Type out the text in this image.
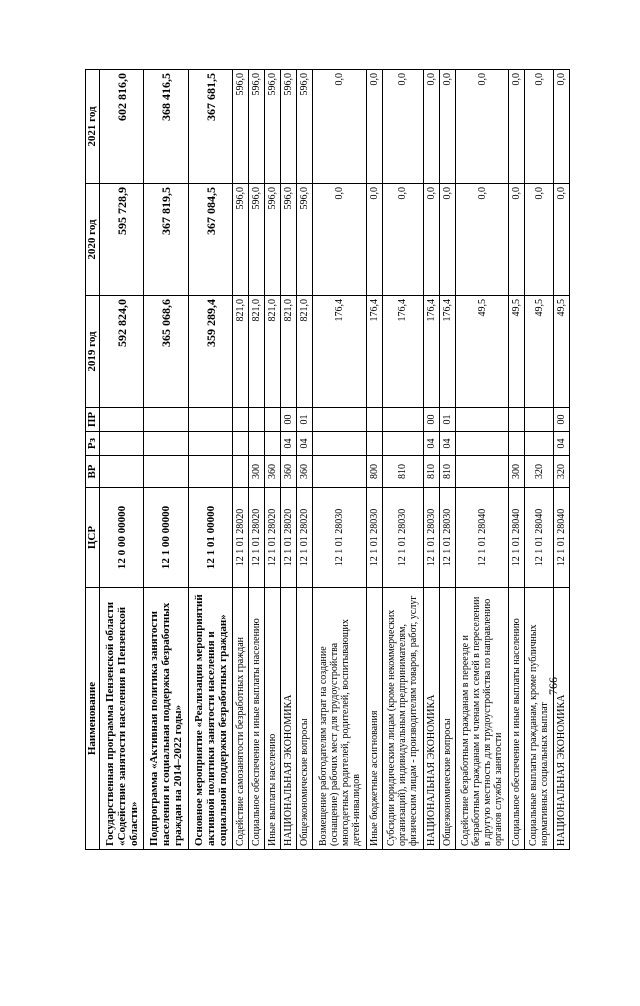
766
Наименование	ЦСР	ВР	Рз	ПР	2019 год	2020 год	2021 год
Государственная программа Пензенской области «Содействие занятости населения в Пензенской области»	12 0 00 00000				592 824,0	595 728,9	602 816,0
Подпрограмма «Активная политика занятости населения и социальная поддержка безработных граждан на 2014–2022 годы»	12 1 00 00000				365 068,6	367 819,5	368 416,5
Основное мероприятие «Реализация мероприятий активной политики занятости населения и социальной поддержки безработных граждан»	12 1 01 00000				359 289,4	367 084,5	367 681,5
Содействие самозанятости безработных граждан	12 1 01 28020				821,0	596,0	596,0
Социальное обеспечение и иные выплаты населению	12 1 01 28020	300			821,0	596,0	596,0
Иные выплаты населению	12 1 01 28020	360			821,0	596,0	596,0
НАЦИОНАЛЬНАЯ ЭКОНОМИКА	12 1 01 28020	360	04	00	821,0	596,0	596,0
Общеэкономические вопросы	12 1 01 28020	360	04	01	821,0	596,0	596,0
Возмещение работодателям затрат на создание (оснащение) рабочих мест для трудоустройства многодетных родителей, родителей, воспитывающих детей-инвалидов	12 1 01 28030				176,4	0,0	0,0
Иные бюджетные ассигнования	12 1 01 28030	800			176,4	0,0	0,0
Субсидии юридическим лицам (кроме некоммерческих организаций), индивидуальным предпринимателям, физическим лицам - производителям товаров, работ, услуг	12 1 01 28030	810			176,4	0,0	0,0
НАЦИОНАЛЬНАЯ ЭКОНОМИКА	12 1 01 28030	810	04	00	176,4	0,0	0,0
Общеэкономические вопросы	12 1 01 28030	810	04	01	176,4	0,0	0,0
Содействие безработным гражданам в переезде и безработным гражданам и членам их семей в переселении в другую местность для трудоустройства по направлению органов службы занятости	12 1 01 28040				49,5	0,0	0,0
Социальное обеспечение и иные выплаты населению	12 1 01 28040	300			49,5	0,0	0,0
Социальные выплаты гражданам, кроме публичных нормативных социальных выплат	12 1 01 28040	320			49,5	0,0	0,0
НАЦИОНАЛЬНАЯ ЭКОНОМИКА	12 1 01 28040	320	04	00	49,5	0,0	0,0
